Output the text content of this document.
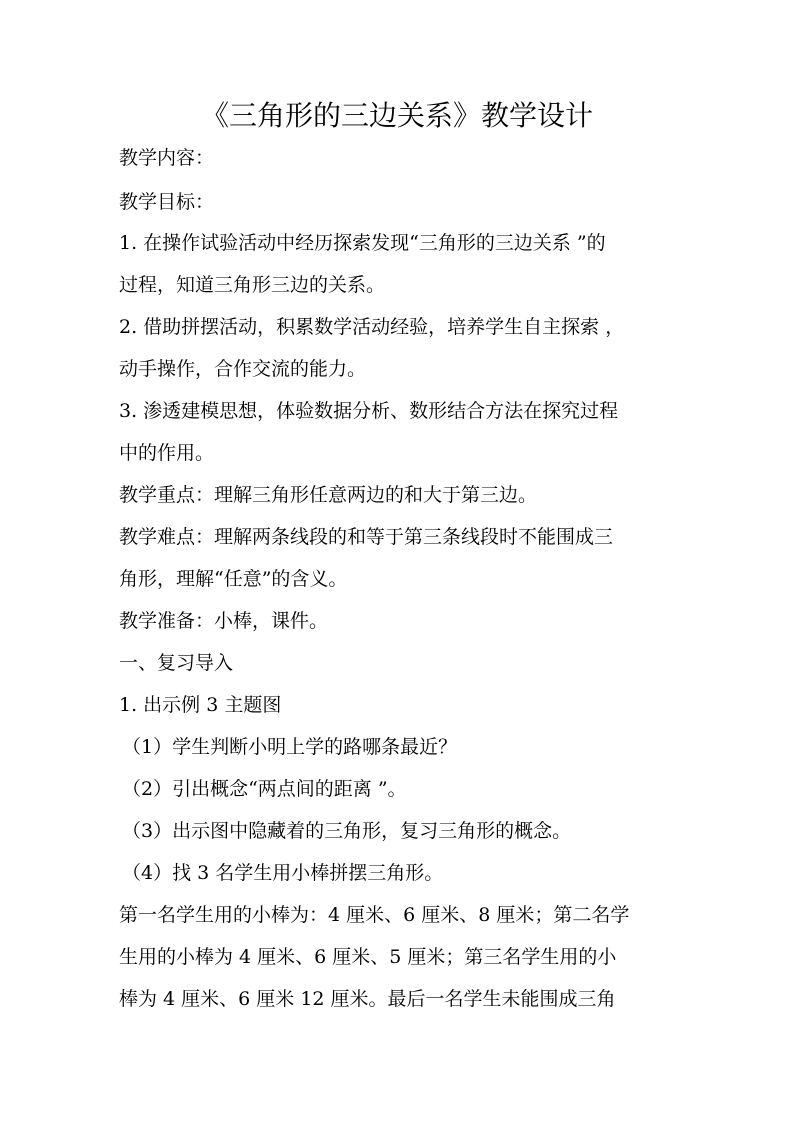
《三角形的三边关系》教学设计

教学内容：

教学目标：

1. 在操作试验活动中经历探索发现“三角形的三边关系 ”的

过程，知道三角形三边的关系。

2. 借助拼摆活动，积累数学活动经验，培养学生自主探索 ，

动手操作，合作交流的能力。

3. 渗透建模思想，体验数据分析、数形结合方法在探究过程

中的作用。

教学重点：理解三角形任意两边的和大于第三边。

教学难点：理解两条线段的和等于第三条线段时不能围成三

角形，理解“任意”的含义。

教学准备：小棒，课件。

一、复习导入

1. 出示例 3 主题图

（1）学生判断小明上学的路哪条最近？

（2）引出概念“两点间的距离 ”。

（3）出示图中隐藏着的三角形，复习三角形的概念。

（4）找 3 名学生用小棒拼摆三角形。

第一名学生用的小棒为：4 厘米、6 厘米、8 厘米；第二名学

生用的小棒为 4 厘米、6 厘米、5 厘米；第三名学生用的小

棒为 4 厘米、6 厘米 12 厘米。最后一名学生未能围成三角
